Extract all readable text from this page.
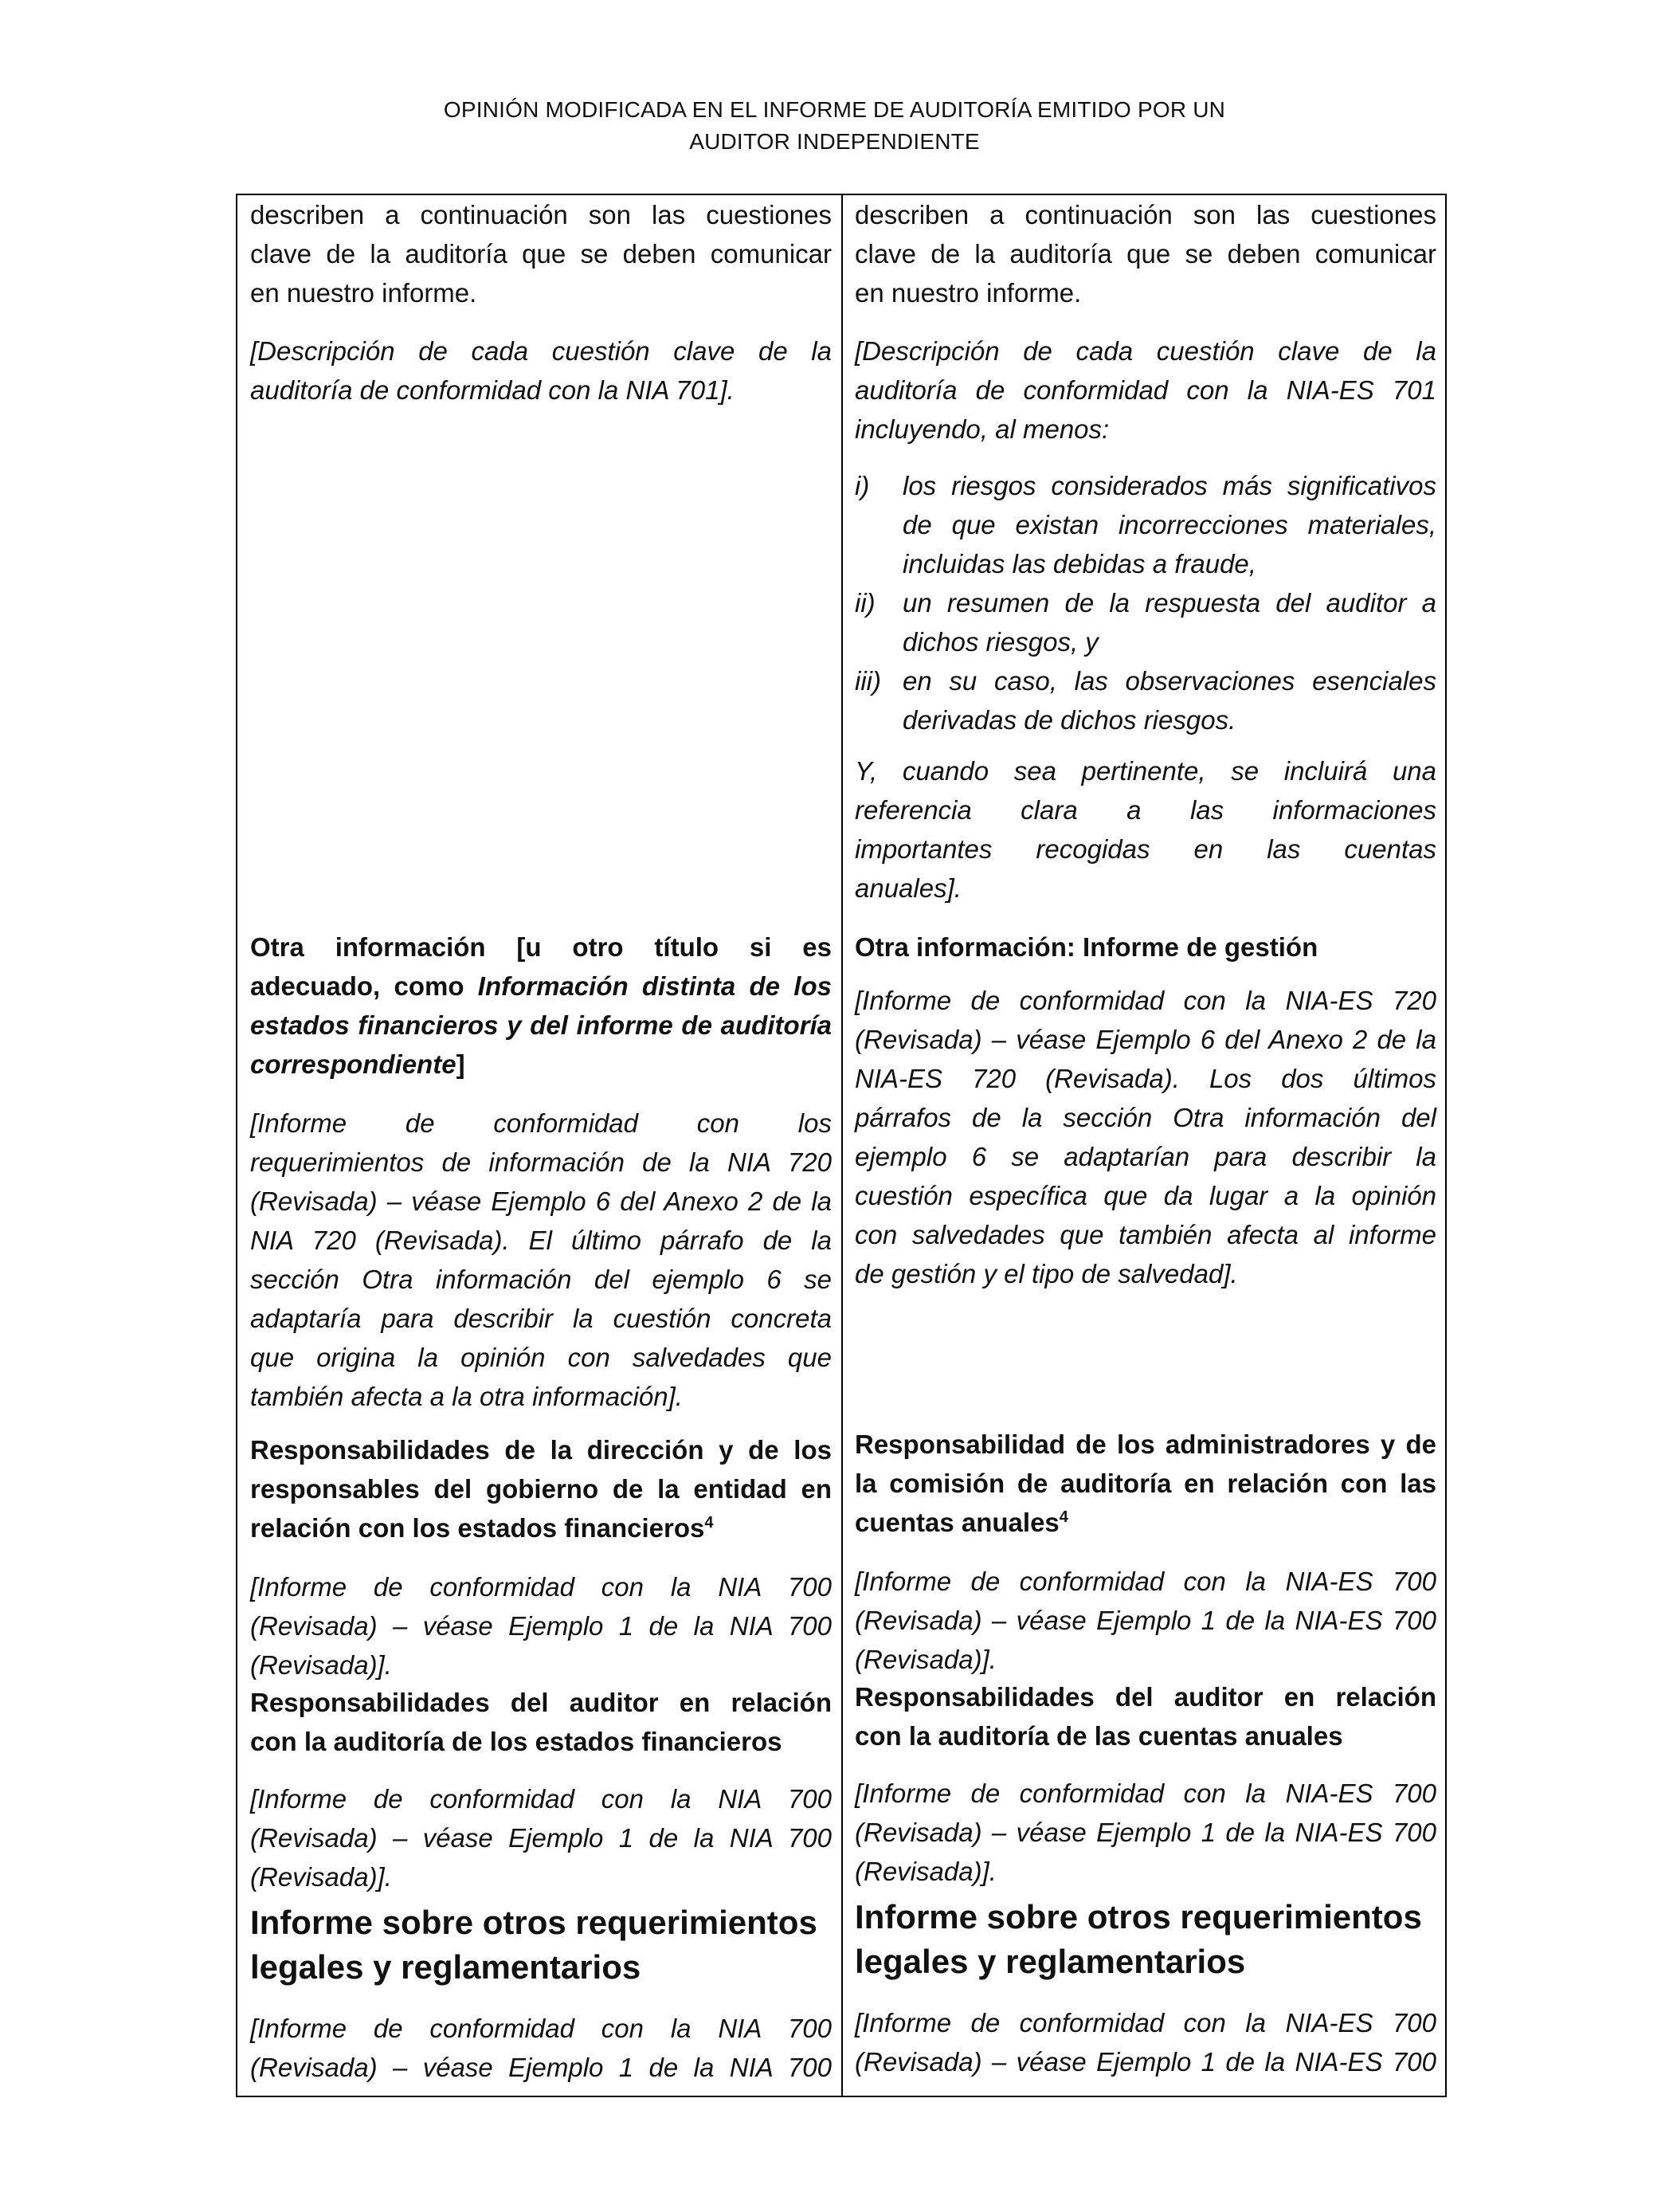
OPINIÓN MODIFICADA EN EL INFORME DE AUDITORÍA EMITIDO POR UN
AUDITOR INDEPENDIENTE
describen a continuación son las cuestiones
clave de la auditoría que se deben comunicar
en nuestro informe.
[Descripción de cada cuestión clave de la
auditoría de conformidad con la NIA 701].
Otra información [u otro título si es
adecuado, como Información distinta de los
estados financieros y del informe de auditoría
correspondiente]
[Informe de conformidad con los
requerimientos de información de la NIA 720
(Revisada) – véase Ejemplo 6 del Anexo 2 de la
NIA 720 (Revisada). El último párrafo de la
sección Otra información del ejemplo 6 se
adaptaría para describir la cuestión concreta
que origina la opinión con salvedades que
también afecta a la otra información].
Responsabilidades de la dirección y de los
responsables del gobierno de la entidad en
relación con los estados financieros$^4$
[Informe de conformidad con la NIA 700
(Revisada) – véase Ejemplo 1 de la NIA 700
(Revisada)].
Responsabilidades del auditor en relación
con la auditoría de los estados financieros
[Informe de conformidad con la NIA 700
(Revisada) – véase Ejemplo 1 de la NIA 700
(Revisada)].
Informe sobre otros requerimientos
legales y reglamentarios
[Informe de conformidad con la NIA 700
(Revisada) – véase Ejemplo 1 de la NIA 700
describen a continuación son las cuestiones
clave de la auditoría que se deben comunicar
en nuestro informe.
[Descripción de cada cuestión clave de la
auditoría de conformidad con la NIA-ES 701
incluyendo, al menos:
i) los riesgos considerados más significativos
de que existan incorrecciones materiales,
incluidas las debidas a fraude,
ii) un resumen de la respuesta del auditor a
dichos riesgos, y
iii) en su caso, las observaciones esenciales
derivadas de dichos riesgos.
Y, cuando sea pertinente, se incluirá una
referencia clara a las informaciones
importantes recogidas en las cuentas
anuales].
Otra información: Informe de gestión
[Informe de conformidad con la NIA-ES 720
(Revisada) – véase Ejemplo 6 del Anexo 2 de la
NIA-ES 720 (Revisada). Los dos últimos
párrafos de la sección Otra información del
ejemplo 6 se adaptarían para describir la
cuestión específica que da lugar a la opinión
con salvedades que también afecta al informe
de gestión y el tipo de salvedad].
Responsabilidad de los administradores y de
la comisión de auditoría en relación con las
cuentas anuales$^4$
[Informe de conformidad con la NIA-ES 700
(Revisada) – véase Ejemplo 1 de la NIA-ES 700
(Revisada)].
Responsabilidades del auditor en relación
con la auditoría de las cuentas anuales
[Informe de conformidad con la NIA-ES 700
(Revisada) – véase Ejemplo 1 de la NIA-ES 700
(Revisada)].
Informe sobre otros requerimientos
legales y reglamentarios
[Informe de conformidad con la NIA-ES 700
(Revisada) – véase Ejemplo 1 de la NIA-ES 700
